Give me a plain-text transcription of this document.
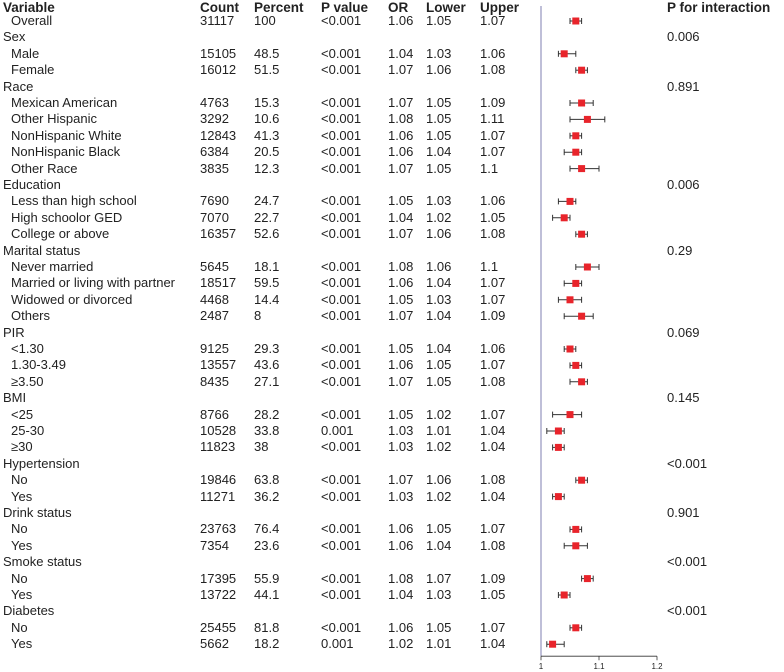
Variable	Count Percent P value OR Lower Upper	P for interaction
Overall	31117 100	<0.001 1.06 1.05 1.07
Sex	0.006
Male	15105 48.5	<0.001 1.04 1.03 1.06
Female	16012 51.5	<0.001 1.07 1.06 1.08
Race	0.891
Mexican American	4763 15.3	<0.001 1.07 1.05 1.09
Other Hispanic	3292 10.6	<0.001 1.08 1.05 1.11
NonHispanic White	12843 41.3	<0.001 1.06 1.05 1.07
NonHispanic Black	6384 20.5	<0.001 1.06 1.04 1.07
Other Race	3835 12.3	<0.001 1.07 1.05 1.1
Education	0.006
Less than high school	7690 24.7	<0.001 1.05 1.03 1.06
High schoolor GED	7070 22.7	<0.001 1.04 1.02 1.05
College or above	16357 52.6	<0.001 1.07 1.06 1.08
Marital status	0.29
Never married	5645 18.1	<0.001 1.08 1.06 1.1
Married or living with partner 18517 59.5	<0.001 1.06 1.04 1.07
Widowed or divorced	4468 14.4	<0.001 1.05 1.03 1.07
Others	2487 8	<0.001 1.07 1.04 1.09
PIR	0.069
<1.30	9125 29.3	<0.001 1.05 1.04 1.06
1.30-3.49	13557 43.6	<0.001 1.06 1.05 1.07
≥3.50	8435 27.1	<0.001 1.07 1.05 1.08
BMI	0.145
<25	8766 28.2	<0.001 1.05 1.02 1.07
25-30	10528 33.8	0.001	1.03 1.01 1.04
≥30	11823 38	<0.001 1.03 1.02 1.04
Hypertension	<0.001
No	19846 63.8	<0.001 1.07 1.06 1.08
Yes	11271 36.2	<0.001 1.03 1.02 1.04
Drink status	0.901
No	23763 76.4	<0.001 1.06 1.05 1.07
Yes	7354 23.6	<0.001 1.06 1.04 1.08
Smoke status	<0.001
No	17395 55.9	<0.001 1.08 1.07 1.09
Yes	13722 44.1	<0.001 1.04 1.03 1.05
Diabetes	<0.001
No	25455 81.8	<0.001 1.06 1.05 1.07
Yes	5662 18.2	0.001	1.02 1.01 1.04
1	1.1	1.2
